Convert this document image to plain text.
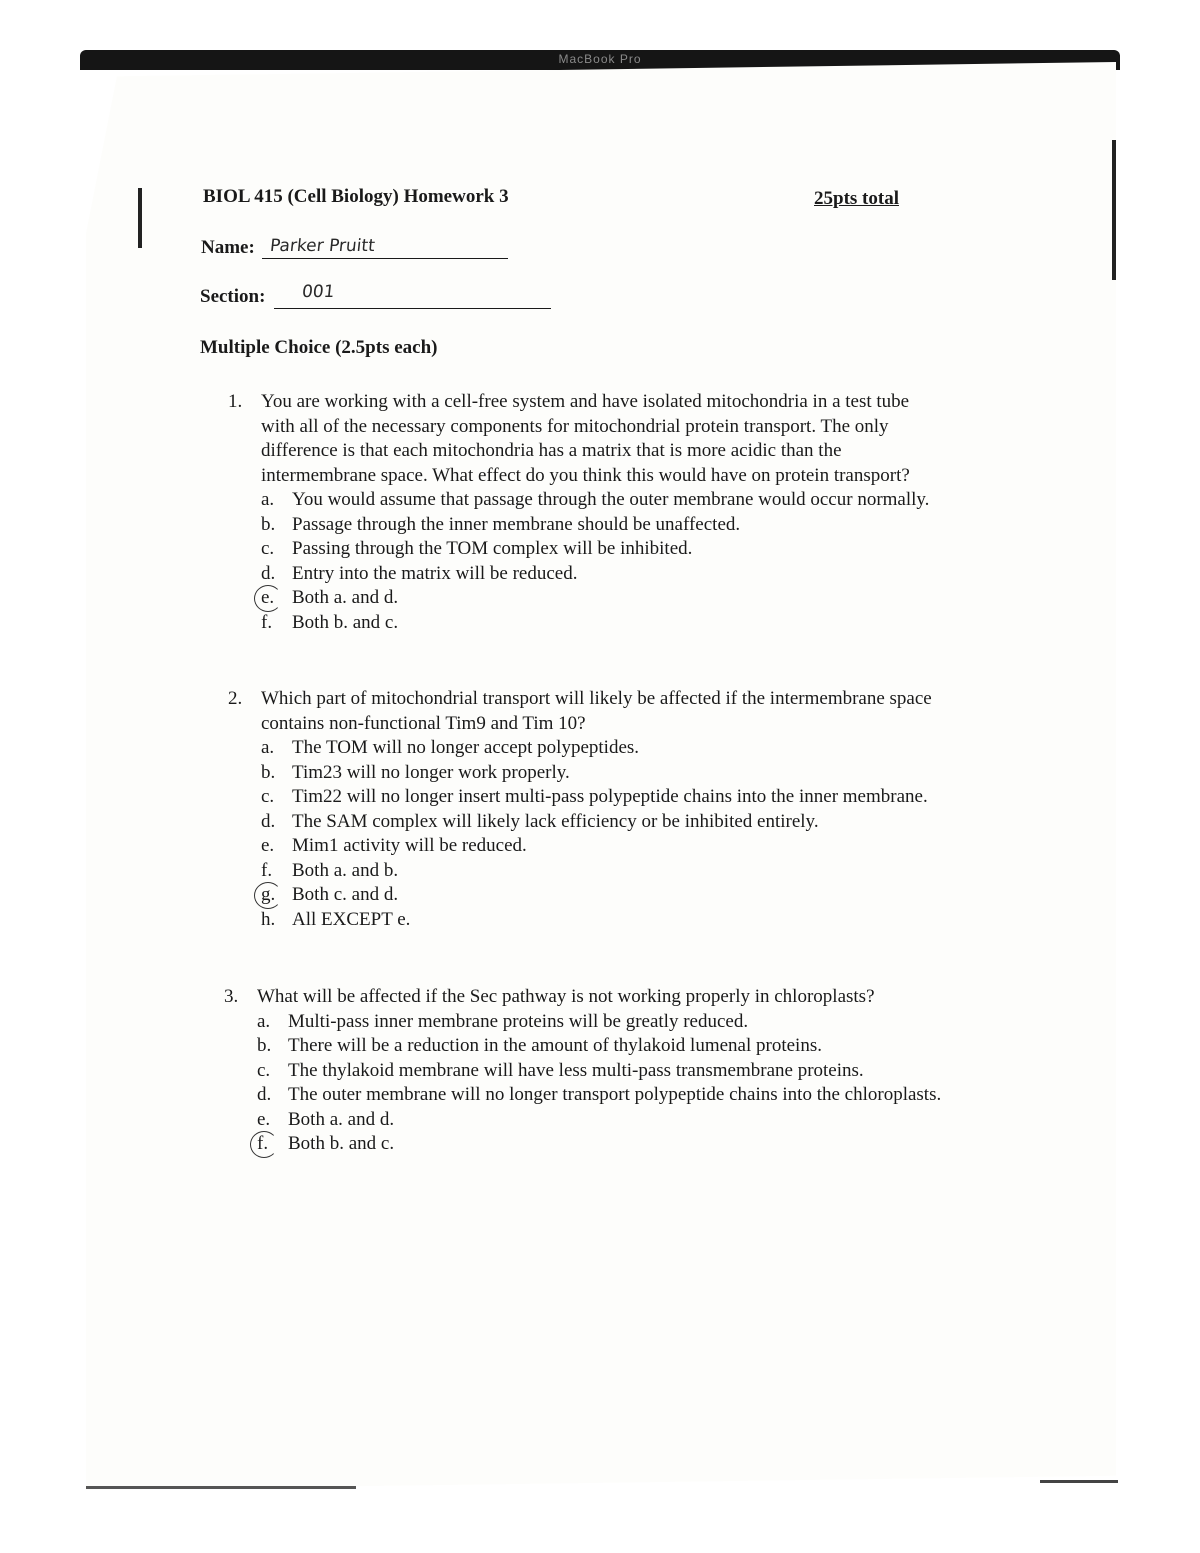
MacBook Pro
BIOL 415 (Cell Biology) Homework 3	25pts total
Name: Parker Pruitt
Section: 001
Multiple Choice (2.5pts each)
1. You are working with a cell-free system and have isolated mitochondria in a test tube

with all of the necessary components for mitochondrial protein transport. The only

difference is that each mitochondria has a matrix that is more acidic than the

intermembrane space. What effect do you think this would have on protein transport?

a. You would assume that passage through the outer membrane would occur normally.
b. Passage through the inner membrane should be unaffected.
c. Passing through the TOM complex will be inhibited.
d. Entry into the matrix will be reduced.
e. Both a. and d.
f.	Both b. and c.
2. Which part of mitochondrial transport will likely be affected if the intermembrane space

contains non-functional Tim9 and Tim 10?

a. The TOM will no longer accept polypeptides.
b. Tim23 will no longer work properly.
c. Tim22 will no longer insert multi-pass polypeptide chains into the inner membrane.
d. The SAM complex will likely lack efficiency or be inhibited entirely.
e. Mim1 activity will be reduced.
f.	Both a. and b.
g. Both c. and d.
h. All EXCEPT e.
3. What will be affected if the Sec pathway is not working properly in chloroplasts?

a. Multi-pass inner membrane proteins will be greatly reduced.
b. There will be a reduction in the amount of thylakoid lumenal proteins.
c. The thylakoid membrane will have less multi-pass transmembrane proteins.
d. The outer membrane will no longer transport polypeptide chains into the chloroplasts.
e. Both a. and d.
f.	Both b. and c.
